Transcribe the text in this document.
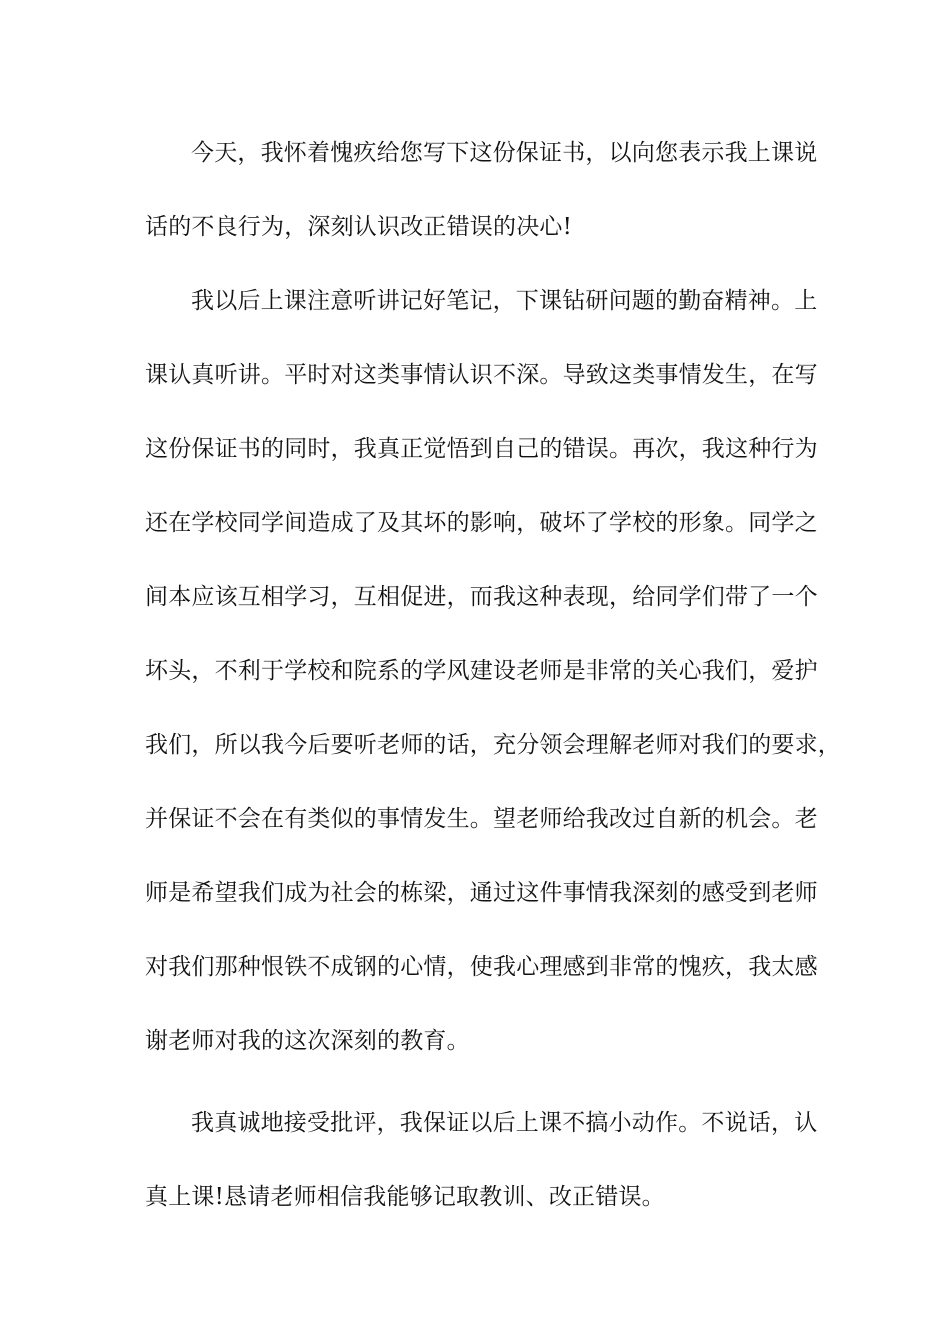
今天，我怀着愧疚给您写下这份保证书，以向您表示我上课说
话的不良行为，深刻认识改正错误的决心!
我以后上课注意听讲记好笔记，下课钻研问题的勤奋精神。上
课认真听讲。平时对这类事情认识不深。导致这类事情发生，在写
这份保证书的同时，我真正觉悟到自己的错误。再次，我这种行为
还在学校同学间造成了及其坏的影响，破坏了学校的形象。同学之
间本应该互相学习，互相促进，而我这种表现，给同学们带了一个
坏头，不利于学校和院系的学风建设老师是非常的关心我们，爱护
我们，所以我今后要听老师的话，充分领会理解老师对我们的要求，
并保证不会在有类似的事情发生。望老师给我改过自新的机会。老
师是希望我们成为社会的栋梁，通过这件事情我深刻的感受到老师
对我们那种恨铁不成钢的心情，使我心理感到非常的愧疚，我太感
谢老师对我的这次深刻的教育。
我真诚地接受批评，我保证以后上课不搞小动作。不说话，认
真上课!恳请老师相信我能够记取教训、改正错误。
